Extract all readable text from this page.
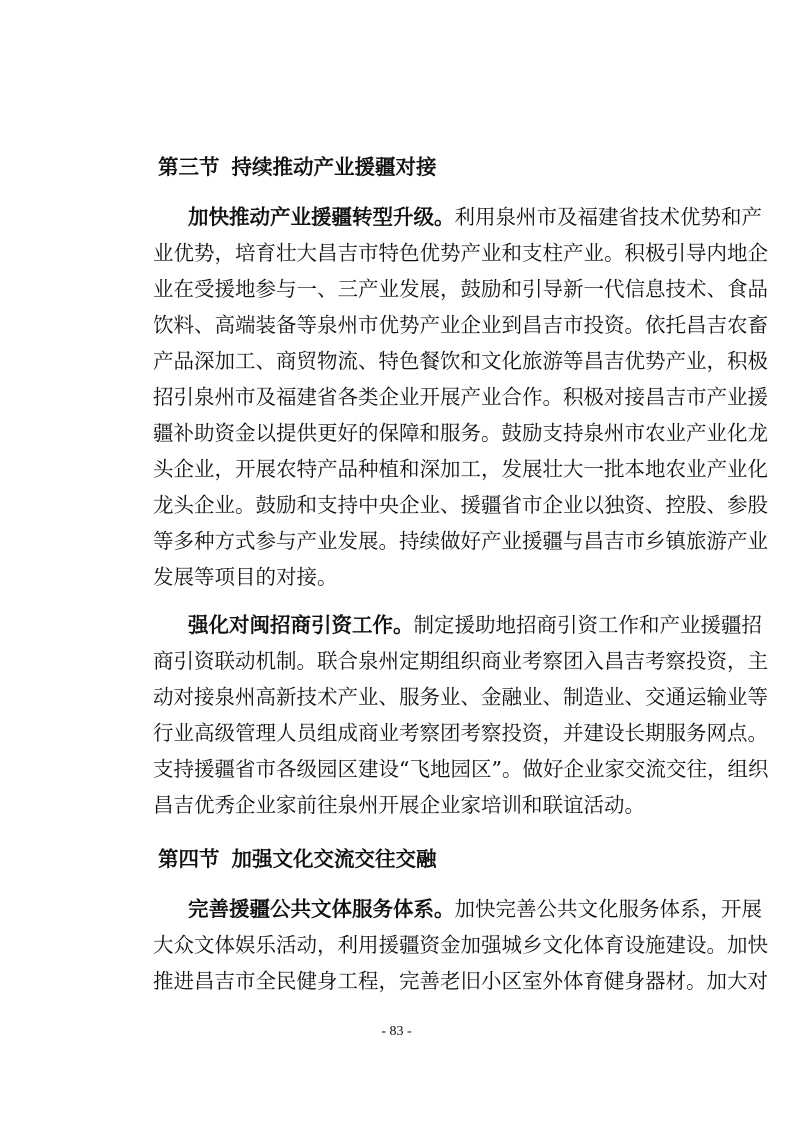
第三节 持续推动产业援疆对接
加快推动产业援疆转型升级。利用泉州市及福建省技术优势和产
业优势，培育壮大昌吉市特色优势产业和支柱产业。积极引导内地企
业在受援地参与一、三产业发展，鼓励和引导新一代信息技术、食品
饮料、高端装备等泉州市优势产业企业到昌吉市投资。依托昌吉农畜
产品深加工、商贸物流、特色餐饮和文化旅游等昌吉优势产业，积极
招引泉州市及福建省各类企业开展产业合作。积极对接昌吉市产业援
疆补助资金以提供更好的保障和服务。鼓励支持泉州市农业产业化龙
头企业，开展农特产品种植和深加工，发展壮大一批本地农业产业化
龙头企业。鼓励和支持中央企业、援疆省市企业以独资、控股、参股
等多种方式参与产业发展。持续做好产业援疆与昌吉市乡镇旅游产业
发展等项目的对接。
强化对闽招商引资工作。制定援助地招商引资工作和产业援疆招
商引资联动机制。联合泉州定期组织商业考察团入昌吉考察投资，主
动对接泉州高新技术产业、服务业、金融业、制造业、交通运输业等
行业高级管理人员组成商业考察团考察投资，并建设长期服务网点。
支持援疆省市各级园区建设“飞地园区”。做好企业家交流交往，组织
昌吉优秀企业家前往泉州开展企业家培训和联谊活动。
第四节 加强文化交流交往交融
完善援疆公共文体服务体系。加快完善公共文化服务体系，开展
大众文体娱乐活动，利用援疆资金加强城乡文化体育设施建设。加快
推进昌吉市全民健身工程，完善老旧小区室外体育健身器材。加大对
- 83 -
